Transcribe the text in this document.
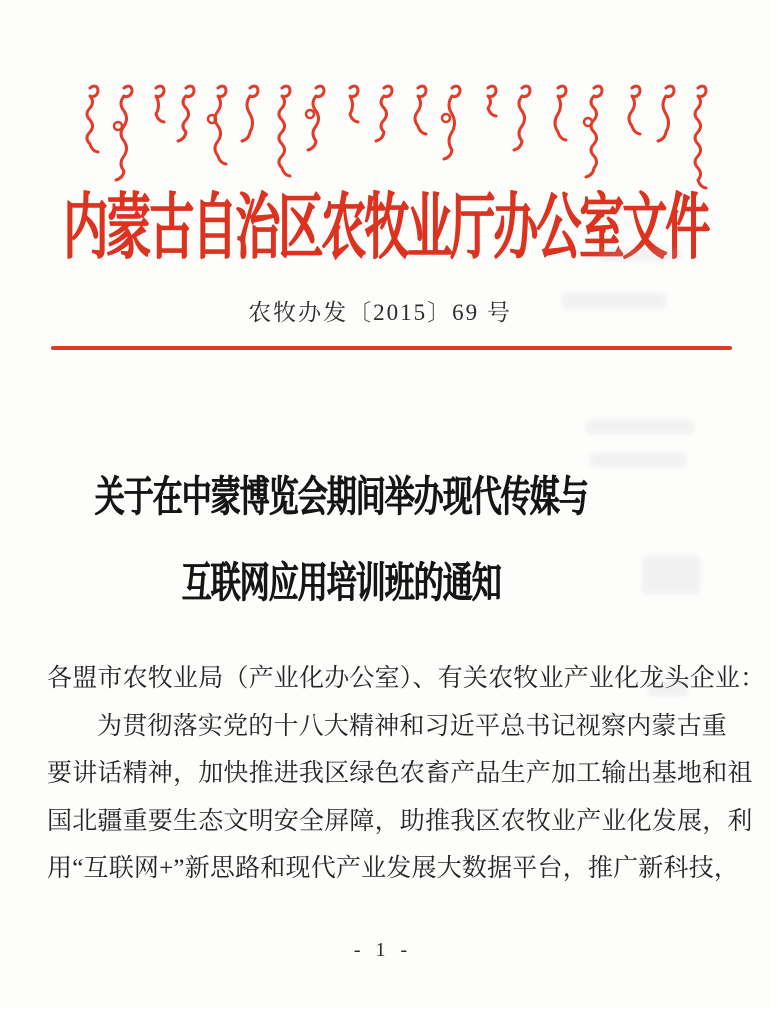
内蒙古自治区农牧业厅办公室文件
农牧办发〔2015〕69 号
关于在中蒙博览会期间举办现代传媒与
互联网应用培训班的通知
各盟市农牧业局（产业化办公室）、有关农牧业产业化龙头企业：
为贯彻落实党的十八大精神和习近平总书记视察内蒙古重
要讲话精神，加快推进我区绿色农畜产品生产加工输出基地和祖
国北疆重要生态文明安全屏障，助推我区农牧业产业化发展，利
用“互联网+”新思路和现代产业发展大数据平台，推广新科技，
- 1 -
